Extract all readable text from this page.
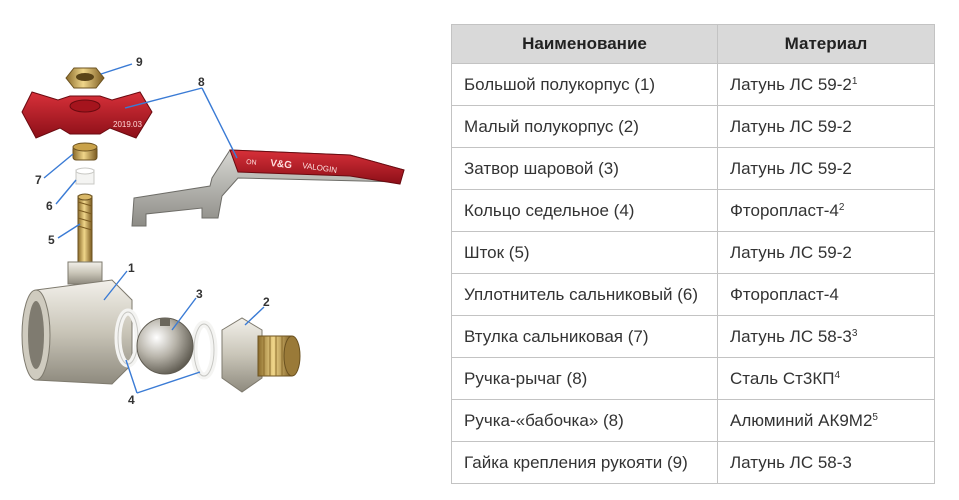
2019.03
ON V&G VALOGIN
9
8
7
6
5
1
3
2
4
Наименование	Материал
Большой полукорпус (1)	Латунь ЛС $59-2^1$
Малый полукорпус (2)	Латунь ЛС 59-2
Затвор шаровой (3)	Латунь ЛС 59-2
Кольцо седельное (4)	Фторопласт-$4^2$
Шток (5)	Латунь ЛС 59-2
Уплотнитель сальниковый (6)	Фторопласт-4
Втулка сальниковая (7)	Латунь ЛС $58-3^3$
Ручка-рычаг (8)	Сталь $Ст3КП^4$
Ручка-«бабочка» (8)	Алюминий $АК9М2^5$
Гайка крепления рукояти (9)	Латунь ЛС 58-3
